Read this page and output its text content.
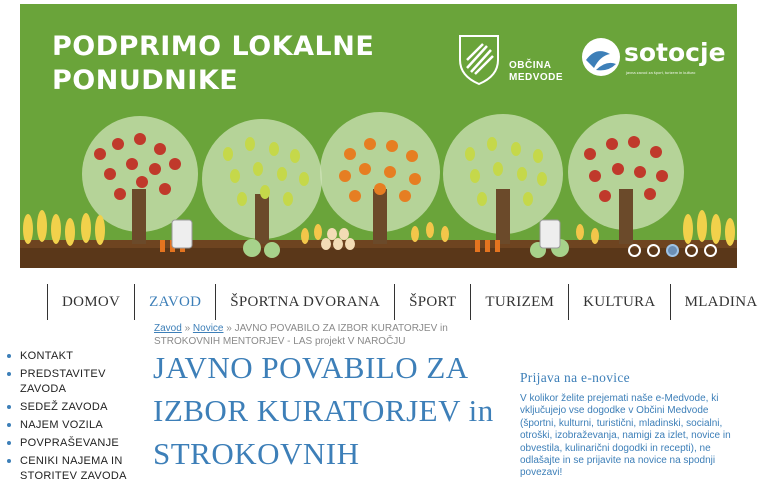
PODPRIMO LOKALNE
PONUDNIKE	OBČINA
MEDVODE
sotocje
javna zavod za šport, turizem in kulturo
DOMOV	ZAVOD	ŠPORTNA DVORANA	ŠPORT	TURIZEM	KULTURA	MLADINA
Zavod » Novice » JAVNO POVABILO ZA IZBOR KURATORJEV in STROKOVNIH MENTORJEV - LAS projekt V NAROČJU
KONTAKT
PREDSTAVITEV ZAVODA
SEDEŽ ZAVODA
NAJEM VOZILA
POVPRAŠEVANJE
CENIKI NAJEMA IN STORITEV ZAVODA
JAVNO POVABILO ZA IZBOR KURATORJEV in STROKOVNIH
Prijava na e-novice

V kolikor želite prejemati naše e-Medvode, ki vključujejo vse dogodke v Občini Medvode (športni, kulturni, turistični, mladinski, socialni, otroški, izobraževanja, namigi za izlet, novice in obvestila, kulinarični dogodki in recepti), ne odlašajte in se prijavite na novice na spodnji povezavi!
